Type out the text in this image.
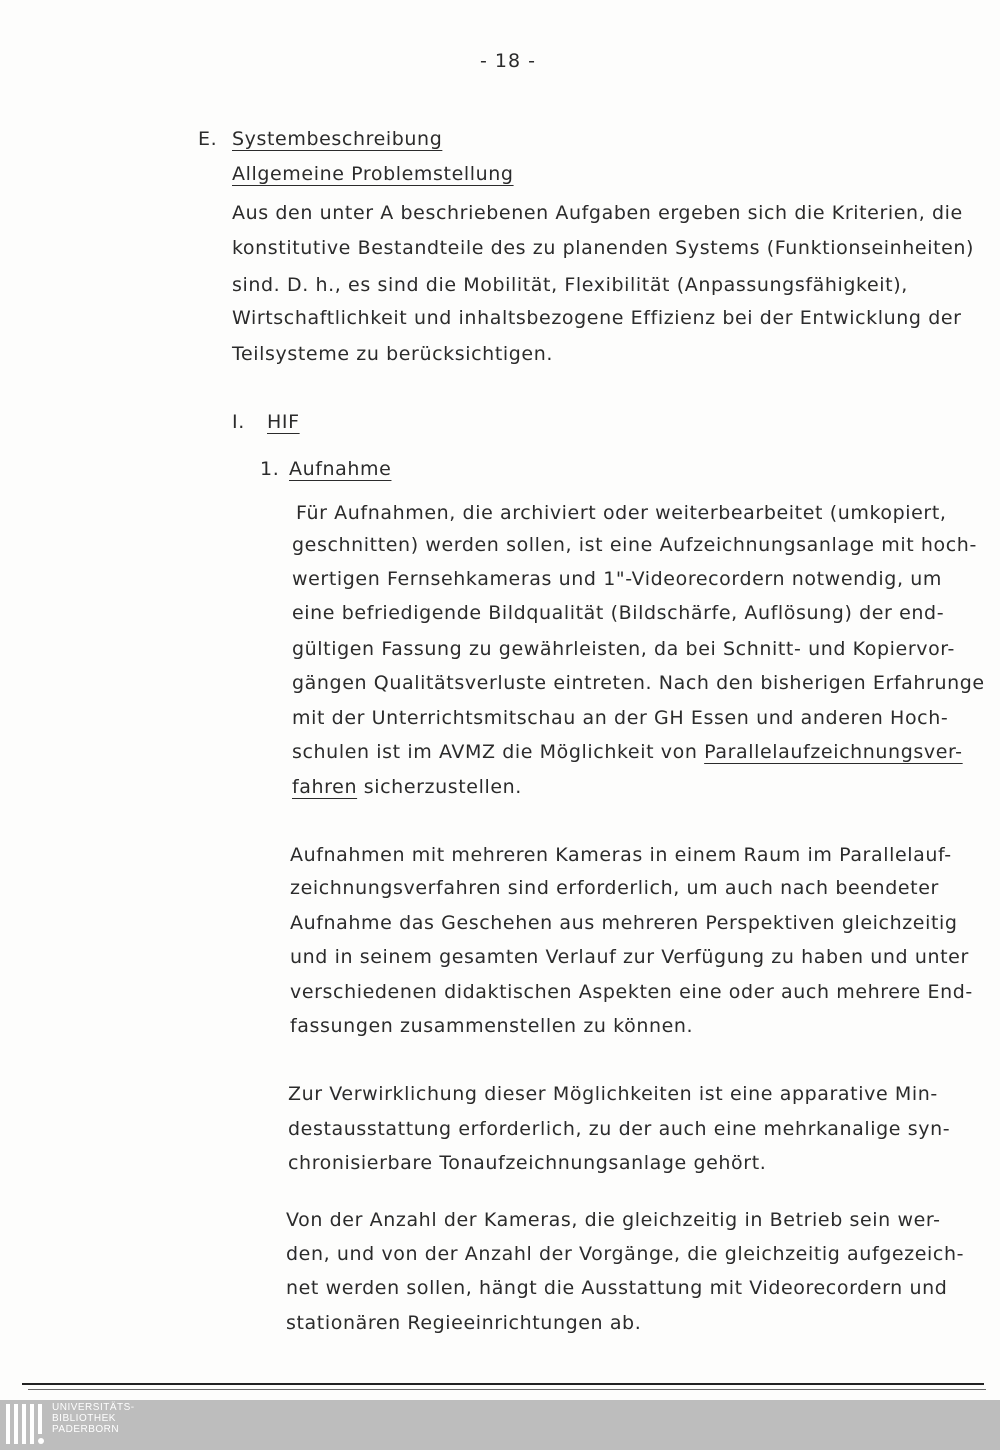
- 18 -
E. Systembeschreibung
Allgemeine Problemstellung
Aus den unter A beschriebenen Aufgaben ergeben sich die Kriterien, die
konstitutive Bestandteile des zu planenden Systems (Funktionseinheiten)
sind. D. h., es sind die Mobilität, Flexibilität (Anpassungsfähigkeit),
Wirtschaftlichkeit und inhaltsbezogene Effizienz bei der Entwicklung der
Teilsysteme zu berücksichtigen.
I. HIF
1. Aufnahme
Für Aufnahmen, die archiviert oder weiterbearbeitet (umkopiert,
geschnitten) werden sollen, ist eine Aufzeichnungsanlage mit hoch-
wertigen Fernsehkameras und 1"-Videorecordern notwendig, um
eine befriedigende Bildqualität (Bildschärfe, Auflösung) der end-
gültigen Fassung zu gewährleisten, da bei Schnitt- und Kopiervor-
gängen Qualitätsverluste eintreten. Nach den bisherigen Erfahrunge
mit der Unterrichtsmitschau an der GH Essen und anderen Hoch-
schulen ist im AVMZ die Möglichkeit von Parallelaufzeichnungsver-
fahren sicherzustellen.
Aufnahmen mit mehreren Kameras in einem Raum im Parallelauf-
zeichnungsverfahren sind erforderlich, um auch nach beendeter
Aufnahme das Geschehen aus mehreren Perspektiven gleichzeitig
und in seinem gesamten Verlauf zur Verfügung zu haben und unter
verschiedenen didaktischen Aspekten eine oder auch mehrere End-
fassungen zusammenstellen zu können.
Zur Verwirklichung dieser Möglichkeiten ist eine apparative Min-
destausstattung erforderlich, zu der auch eine mehrkanalige syn-
chronisierbare Tonaufzeichnungsanlage gehört.
Von der Anzahl der Kameras, die gleichzeitig in Betrieb sein wer-
den, und von der Anzahl der Vorgänge, die gleichzeitig aufgezeich-
net werden sollen, hängt die Ausstattung mit Videorecordern und
stationären Regieeinrichtungen ab.
UNIVERSITÄTS-
BIBLIOTHEK
PADERBORN
